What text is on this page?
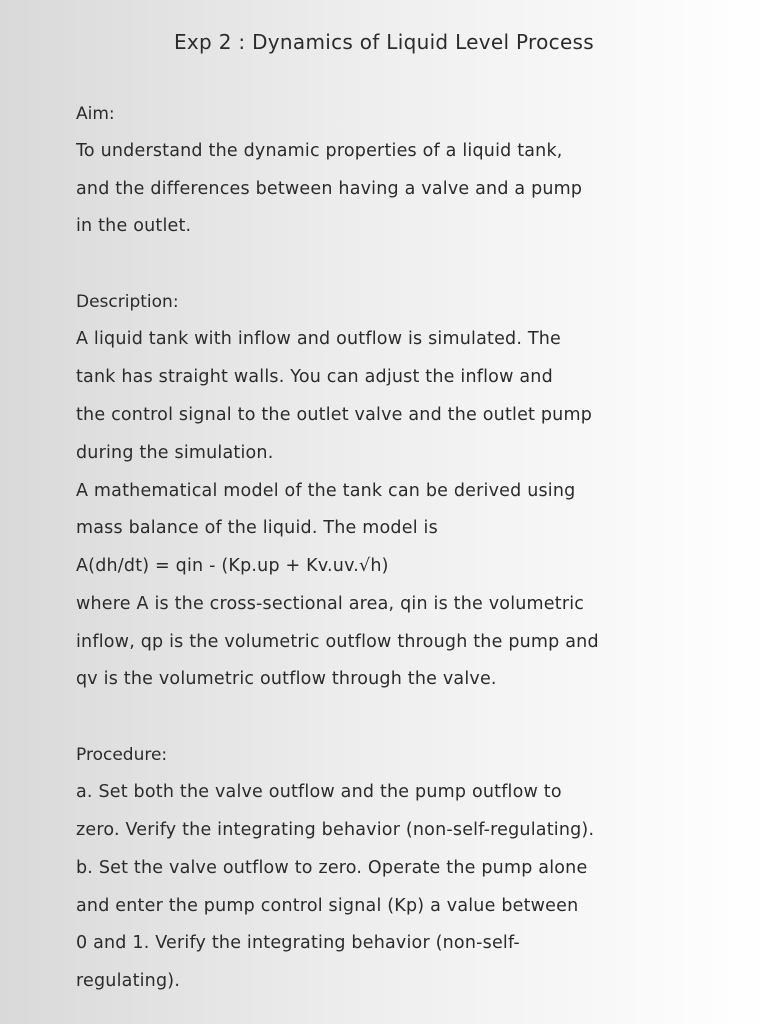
Exp 2 : Dynamics of Liquid Level Process
Aim:
To understand the dynamic properties of a liquid tank,
and the differences between having a valve and a pump
in the outlet.
Description:
A liquid tank with inflow and outflow is simulated. The
tank has straight walls. You can adjust the inflow and
the control signal to the outlet valve and the outlet pump
during the simulation.
A mathematical model of the tank can be derived using
mass balance of the liquid. The model is
A(dh/dt) = qin - (Kp.up + Kv.uv.√h)
where A is the cross-sectional area, qin is the volumetric
inflow, qp is the volumetric outflow through the pump and
qv is the volumetric outflow through the valve.
Procedure:
a. Set both the valve outflow and the pump outflow to
zero. Verify the integrating behavior (non-self-regulating).
b. Set the valve outflow to zero. Operate the pump alone
and enter the pump control signal (Kp) a value between
0 and 1. Verify the integrating behavior (non-self-
regulating).
